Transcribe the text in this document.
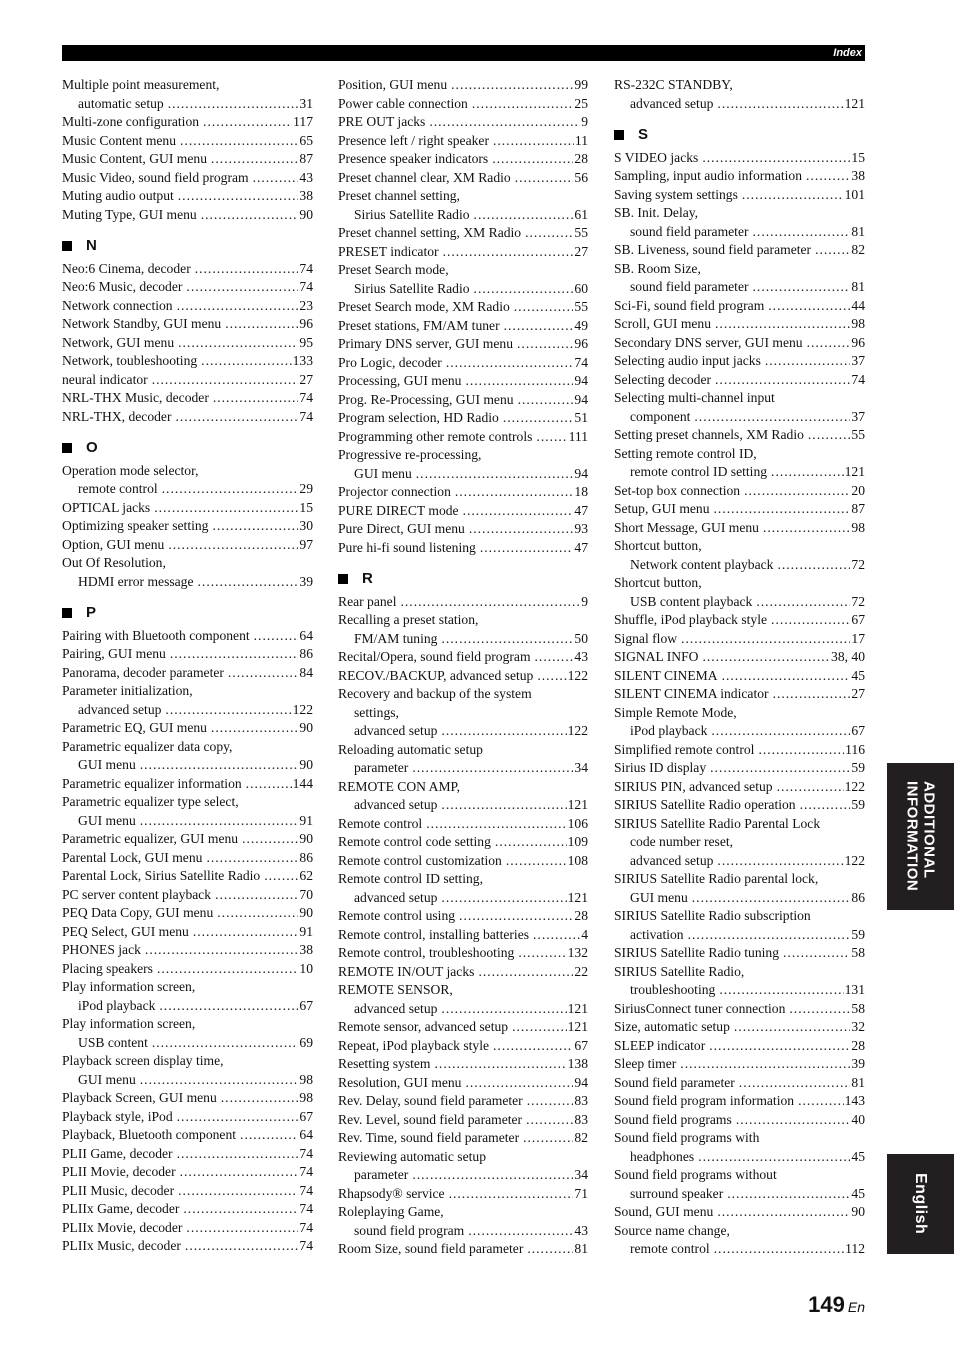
Index
Multiple point measurement,
automatic setup .....	31
Multi-zone configuration .....	117
Music Content menu .....	65
Music Content, GUI menu .....	87
Music Video, sound field program .....	43
Muting audio output .....	38
Muting Type, GUI menu .....	90
N
Neo:6 Cinema, decoder .....	74
Neo:6 Music, decoder .....	74
Network connection .....	23
Network Standby, GUI menu .....	96
Network, GUI menu .....	95
Network, toubleshooting .....	133
neural indicator .....	27
NRL-THX Music, decoder .....	74
NRL-THX, decoder .....	74
O
Operation mode selector,
remote control .....	29
OPTICAL jacks .....	15
Optimizing speaker setting .....	30
Option, GUI menu .....	97
Out Of Resolution,
HDMI error message .....	39
P
Pairing with Bluetooth component .....	64
Pairing, GUI menu .....	86
Panorama, decoder parameter .....	84
Parameter initialization,
advanced setup .....	122
Parametric EQ, GUI menu .....	90
Parametric equalizer data copy,
GUI menu .....	90
Parametric equalizer information .....	144
Parametric equalizer type select,
GUI menu .....	91
Parametric equalizer, GUI menu .....	90
Parental Lock, GUI menu .....	86
Parental Lock, Sirius Satellite Radio .....	62
PC server content playback .....	70
PEQ Data Copy, GUI menu .....	90
PEQ Select, GUI menu .....	91
PHONES jack .....	38
Placing speakers .....	10
Play information screen,
iPod playback .....	67
Play information screen,
USB content .....	69
Playback screen display time,
GUI menu .....	98
Playback Screen, GUI menu .....	98
Playback style, iPod .....	67
Playback, Bluetooth component .....	64
PLII Game, decoder .....	74
PLII Movie, decoder .....	74
PLII Music, decoder .....	74
PLIIx Game, decoder .....	74
PLIIx Movie, decoder .....	74
PLIIx Music, decoder .....	74
Position, GUI menu .....	99
Power cable connection .....	25
PRE OUT jacks .....	9
Presence left / right speaker .....	11
Presence speaker indicators .....	28
Preset channel clear, XM Radio .....	56
Preset channel setting,
Sirius Satellite Radio .....	61
Preset channel setting, XM Radio .....	55
PRESET indicator .....	27
Preset Search mode,
Sirius Satellite Radio .....	60
Preset Search mode, XM Radio .....	55
Preset stations, FM/AM tuner .....	49
Primary DNS server, GUI menu .....	96
Pro Logic, decoder .....	74
Processing, GUI menu .....	94
Prog. Re-Processing, GUI menu .....	94
Program selection, HD Radio .....	51
Programming other remote controls .....	111
Progressive re-processing,
GUI menu .....	94
Projector connection .....	18
PURE DIRECT mode .....	47
Pure Direct, GUI menu .....	93
Pure hi-fi sound listening .....	47
R
Rear panel .....	9
Recalling a preset station,
FM/AM tuning .....	50
Recital/Opera, sound field program .....	43
RECOV./BACKUP, advanced setup .....	122
Recovery and backup of the system
settings,
advanced setup .....	122
Reloading automatic setup
parameter .....	34
REMOTE CON AMP,
advanced setup .....	121
Remote control .....	106
Remote control code setting .....	109
Remote control customization .....	108
Remote control ID setting,
advanced setup .....	121
Remote control using .....	28
Remote control, installing batteries .....	4
Remote control, troubleshooting .....	132
REMOTE IN/OUT jacks .....	22
REMOTE SENSOR,
advanced setup .....	121
Remote sensor, advanced setup .....	121
Repeat, iPod playback style .....	67
Resetting system .....	138
Resolution, GUI menu .....	94
Rev. Delay, sound field parameter .....	83
Rev. Level, sound field parameter .....	83
Rev. Time, sound field parameter .....	82
Reviewing automatic setup
parameter .....	34
Rhapsody® service .....	71
Roleplaying Game,
sound field program .....	43
Room Size, sound field parameter .....	81
RS-232C STANDBY,
advanced setup .....	121
S
S VIDEO jacks .....	15
Sampling, input audio information .....	38
Saving system settings .....	101
SB. Init. Delay,
sound field parameter .....	81
SB. Liveness, sound field parameter .....	82
SB. Room Size,
sound field parameter .....	81
Sci-Fi, sound field program .....	44
Scroll, GUI menu .....	98
Secondary DNS server, GUI menu .....	96
Selecting audio input jacks .....	37
Selecting decoder .....	74
Selecting multi-channel input
component .....	37
Setting preset channels, XM Radio .....	55
Setting remote control ID,
remote control ID setting .....	121
Set-top box connection .....	20
Setup, GUI menu .....	87
Short Message, GUI menu .....	98
Shortcut button,
Network content playback .....	72
Shortcut button,
USB content playback .....	72
Shuffle, iPod playback style .....	67
Signal flow .....	17
SIGNAL INFO .....	38, 40
SILENT CINEMA .....	45
SILENT CINEMA indicator .....	27
Simple Remote Mode,
iPod playback .....	67
Simplified remote control .....	116
Sirius ID display .....	59
SIRIUS PIN, advanced setup .....	122
SIRIUS Satellite Radio operation .....	59
SIRIUS Satellite Radio Parental Lock
code number reset,
advanced setup .....	122
SIRIUS Satellite Radio parental lock,
GUI menu .....	86
SIRIUS Satellite Radio subscription
activation .....	59
SIRIUS Satellite Radio tuning .....	58
SIRIUS Satellite Radio,
troubleshooting .....	131
SiriusConnect tuner connection .....	58
Size, automatic setup .....	32
SLEEP indicator .....	28
Sleep timer .....	39
Sound field parameter .....	81
Sound field program information .....	143
Sound field programs .....	40
Sound field programs with
headphones .....	45
Sound field programs without
surround speaker .....	45
Sound, GUI menu .....	90
Source name change,
remote control .....	112
ADDITIONAL
INFORMATION
English
149 En
